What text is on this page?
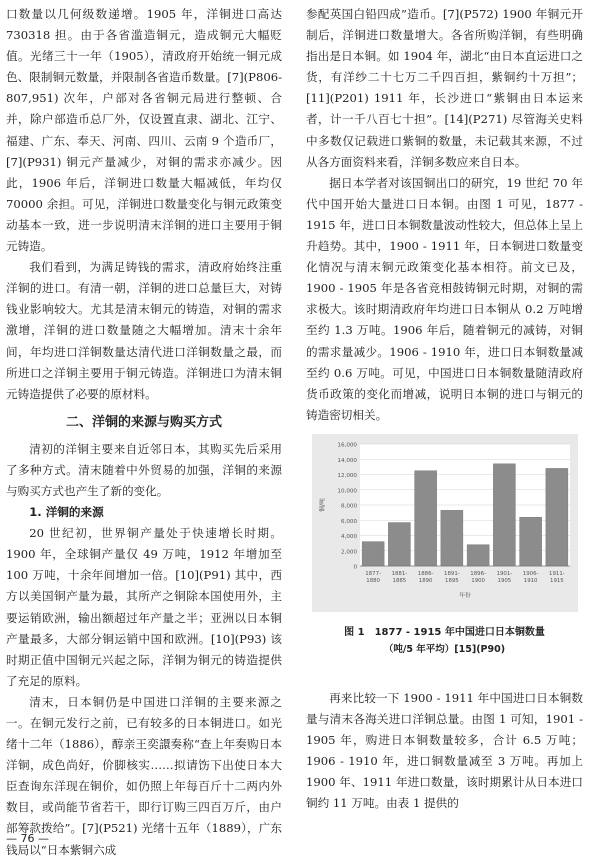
口数量以几何级数递增。1905 年，洋铜进口高达730318 担。由于各省滥造铜元，造成铜元大幅贬值。光绪三十一年（1905），清政府开始统一铜元成色、限制铜元数量，并限制各省造币数量。[7](P806-807,951) 次年，户部对各省铜元局进行整顿、合并，除户部造币总厂外，仅设置直隶、湖北、江宁、福建、广东、奉天、河南、四川、云南 9 个造币厂，[7](P931) 铜元产量减少，对铜的需求亦减少。因此，1906 年后，洋铜进口数量大幅减低，年均仅 70000 余担。可见，洋铜进口数量变化与铜元政策变动基本一致，进一步说明清末洋铜的进口主要用于铜元铸造。

我们看到，为满足铸钱的需求，清政府始终注重洋铜的进口。有清一朝，洋铜的进口总量巨大，对铸钱业影响较大。尤其是清末铜元的铸造，对铜的需求激增，洋铜的进口数量随之大幅增加。清末十余年间，年均进口洋铜数量达清代进口洋铜数量之最，而所进口之洋铜主要用于铜元铸造。洋铜进口为清末铜元铸造提供了必要的原材料。

二、洋铜的来源与购买方式

清初的洋铜主要来自近邻日本，其购买先后采用了多种方式。清末随着中外贸易的加强，洋铜的来源与购买方式也产生了新的变化。

1. 洋铜的来源

20 世纪初，世界铜产量处于快速增长时期。1900 年，全球铜产量仅 49 万吨，1912 年增加至 100 万吨，十余年间增加一倍。[10](P91) 其中，西方以美国铜产量为最，其所产之铜除本国使用外，主要运销欧洲，输出额超过年产量之半；亚洲以日本铜产量最多，大部分铜运销中国和欧洲。[10](P93) 该时期正值中国铜元兴起之际，洋铜为铜元的铸造提供了充足的原料。

清末，日本铜仍是中国进口洋铜的主要来源之一。在铜元发行之前，已有较多的日本铜进口。如光绪十二年（1886），醇亲王奕譞奏称“查上年奏购日本洋铜，成色尚好，价脚核实……拟请饬下出使日本大臣查询东洋现在铜价，如仍照上年每百斤十二两内外数目，或尚能节省若干，即行订购三四百万斤，由户部筹款拨给”。[7](P521) 光绪十五年（1889），广东钱局以“日本紫铜六成

参配英国白铅四成”造币。[7](P572) 1900 年铜元开制后，洋铜进口数量增大。各省所购洋铜，有些明确指出是日本铜。如 1904 年，湖北“由日本直运进口之货，有洋纱二十七万二千四百担，紫铜约十万担”；[11](P201) 1911 年，长沙进口“紫铜由日本运来者，计一千八百七十担”。[14](P271) 尽管海关史料中多数仅记载进口紫铜的数量，未记载其来源，不过从各方面资料来看，洋铜多数应来自日本。

据日本学者对该国铜出口的研究，19 世纪 70 年代中国开始大量进口日本铜。由图 1 可见，1877 - 1915 年，进口日本铜数量波动性较大，但总体上呈上升趋势。其中，1900 - 1911 年，日本铜进口数量变化情况与清末铜元政策变化基本相符。前文已及，1900 - 1905 年是各省竞相鼓铸铜元时期，对铜的需求极大。该时期清政府年均进口日本铜从 0.2 万吨增至约 1.3 万吨。1906 年后，随着铜元的减铸，对铜的需求量减少。1906 - 1910 年，进口日本铜数量减至约 0.6 万吨。可见，中国进口日本铜数量随清政府货币政策的变化而增减，说明日本铜的进口与铜元的铸造密切相关。

0
2,000
4,000
6,000
8,000
10,000
12,000
14,000
16,000
1877-
1880
1881-
1885
1886-
1890
1891-
1895
1896-
1900
1901-
1905
1906-
1910
1911-
1915
年份
铜/吨
图 1　1877 - 1915 年中国进口日本铜数量
（吨/5 年平均）[15](P90)

再来比较一下 1900 - 1911 年中国进口日本铜数量与清末各海关进口洋铜总量。由图 1 可知，1901 - 1905 年，购进日本铜数量较多，合计 6.5 万吨；1906 - 1910 年，进口铜数量减至 3 万吨。再加上 1900 年、1911 年进口数量，该时期累计从日本进口铜约 11 万吨。由表 1 提供的

— 76 —
